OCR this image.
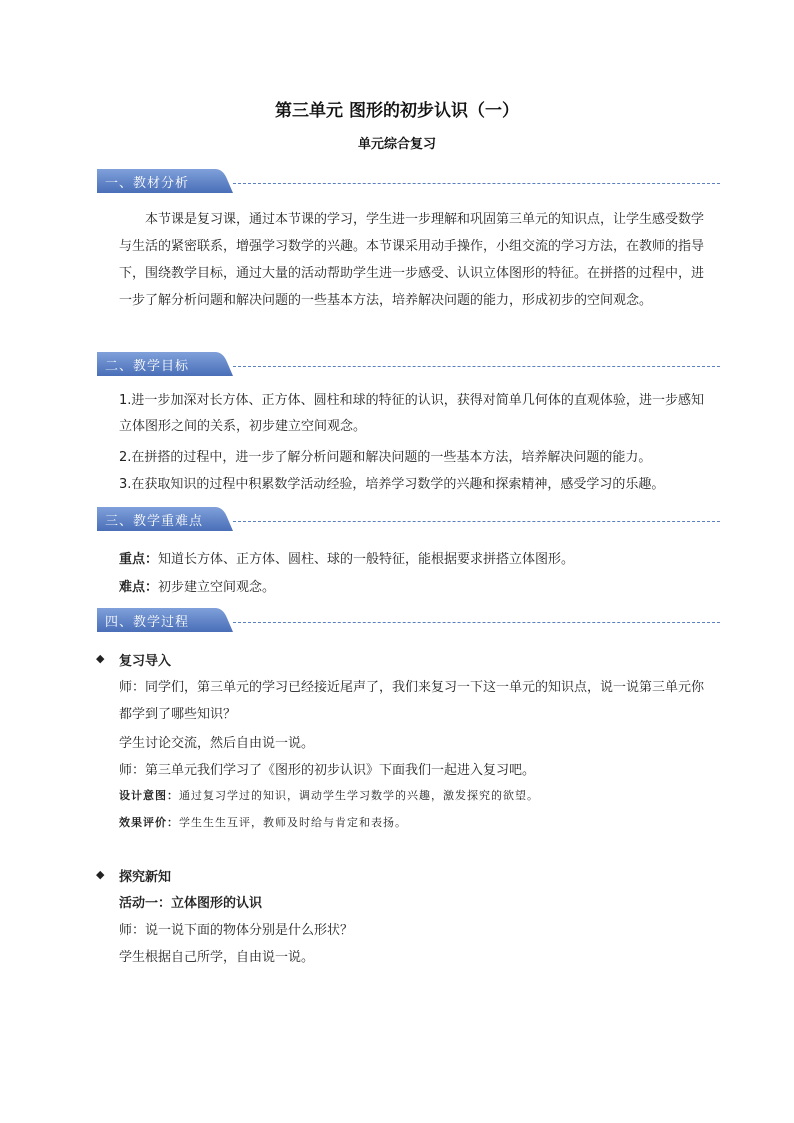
第三单元 图形的初步认识（一）
单元综合复习
一、教材分析
本节课是复习课，通过本节课的学习，学生进一步理解和巩固第三单元的知识点，让学生感受数学与生活的紧密联系，增强学习数学的兴趣。本节课采用动手操作，小组交流的学习方法，在教师的指导下，围绕教学目标，通过大量的活动帮助学生进一步感受、认识立体图形的特征。在拼搭的过程中，进一步了解分析问题和解决问题的一些基本方法，培养解决问题的能力，形成初步的空间观念。
二、教学目标
1.进一步加深对长方体、正方体、圆柱和球的特征的认识，获得对简单几何体的直观体验，进一步感知立体图形之间的关系，初步建立空间观念。
2.在拼搭的过程中，进一步了解分析问题和解决问题的一些基本方法，培养解决问题的能力。
3.在获取知识的过程中积累数学活动经验，培养学习数学的兴趣和探索精神，感受学习的乐趣。
三、教学重难点
重点：知道长方体、正方体、圆柱、球的一般特征，能根据要求拼搭立体图形。
难点：初步建立空间观念。
四、教学过程
◆ 复习导入
师：同学们，第三单元的学习已经接近尾声了，我们来复习一下这一单元的知识点，说一说第三单元你都学到了哪些知识？
学生讨论交流，然后自由说一说。
师：第三单元我们学习了《图形的初步认识》下面我们一起进入复习吧。
设计意图：通过复习学过的知识，调动学生学习数学的兴趣，激发探究的欲望。
效果评价：学生生生互评，教师及时给与肯定和表扬。
◆ 探究新知
活动一：立体图形的认识
师：说一说下面的物体分别是什么形状？
学生根据自己所学，自由说一说。
